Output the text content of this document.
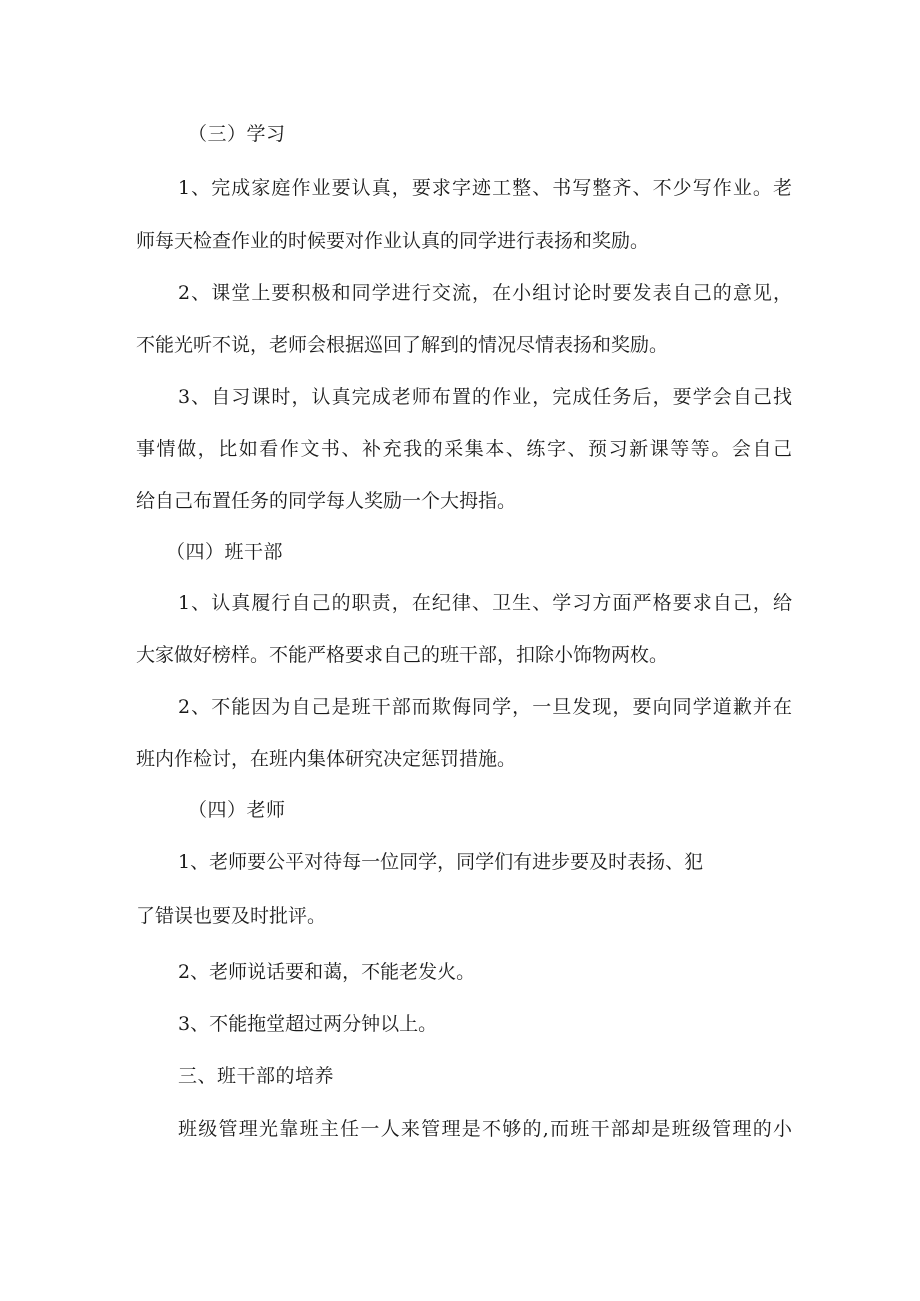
（三）学习
1、完成家庭作业要认真，要求字迹工整、书写整齐、不少写作业。老
师每天检查作业的时候要对作业认真的同学进行表扬和奖励。
2、课堂上要积极和同学进行交流，在小组讨论时要发表自己的意见，
不能光听不说，老师会根据巡回了解到的情况尽情表扬和奖励。
3、自习课时，认真完成老师布置的作业，完成任务后，要学会自己找
事情做，比如看作文书、补充我的采集本、练字、预习新课等等。会自己
给自己布置任务的同学每人奖励一个大拇指。
（四）班干部
1、认真履行自己的职责，在纪律、卫生、学习方面严格要求自己，给
大家做好榜样。不能严格要求自己的班干部，扣除小饰物两枚。
2、不能因为自己是班干部而欺侮同学，一旦发现，要向同学道歉并在
班内作检讨，在班内集体研究决定惩罚措施。
（四）老师
1、老师要公平对待每一位同学，同学们有进步要及时表扬、犯
了错误也要及时批评。
2、老师说话要和蔼，不能老发火。
3、不能拖堂超过两分钟以上。
三、班干部的培养
班级管理光靠班主任一人来管理是不够的,而班干部却是班级管理的小
